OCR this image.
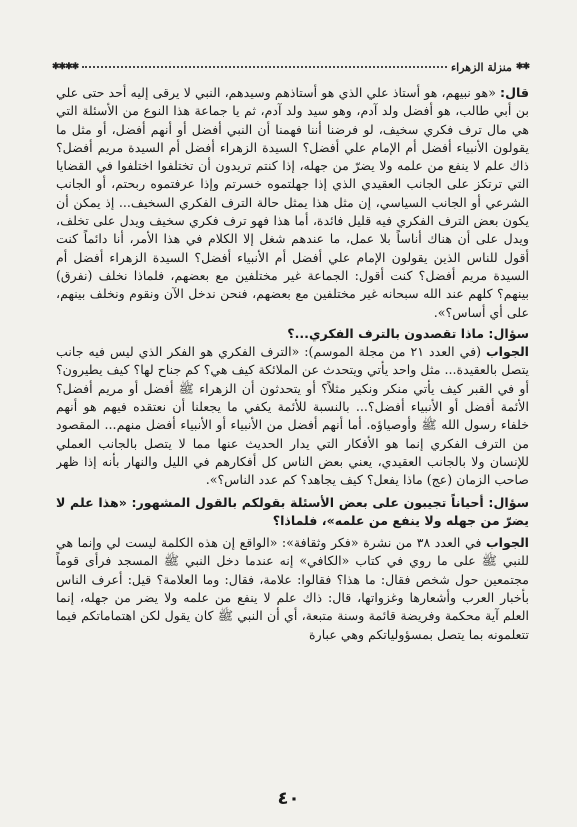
✱✱
منزلة الزهراء
✱✱✱✱

قال: «هو نبيهم، هو أستاذ علي الذي هو أستاذهم وسيدهم، النبي لا يرقى إليه أحد حتى علي بن أبي طالب، هو أفضل ولد آدم، وهو سيد ولد آدم، ثم يا جماعة هذا النوع من الأسئلة التي هي مال ترف فكري سخيف، لو فرضنا أننا فهمنا أن النبي أفضل أو أنهم أفضل، أو مثل ما يقولون الأنبياء أفضل أم الإمام علي أفضل؟ السيدة الزهراء أفضل أم السيدة مريم أفضل؟ ذاك علم لا ينفع من علمه ولا يضرّ من جهله، إذا كنتم تريدون أن تختلفوا اختلفوا في القضايا التي ترتكز على الجانب العقيدي الذي إذا جهلتموه خسرتم وإذا عرفتموه ربحتم، أو الجانب الشرعي أو الجانب السياسي، إن مثل هذا يمثل حالة الترف الفكري السخيف... إذ يمكن أن يكون بعض الترف الفكري فيه قليل فائدة، أما هذا فهو ترف فكري سخيف ويدل على تخلف، ويدل على أن هناك أناساً بلا عمل، ما عندهم شغل إلا الكلام في هذا الأمر، أنا دائماً كنت أقول للناس الذين يقولون الإمام علي أفضل أم الأنبياء أفضل؟ السيدة الزهراء أفضل أم السيدة مريم أفضل؟ كنت أقول: الجماعة غير مختلفين مع بعضهم، فلماذا نخلف (نفرق) بينهم؟ كلهم عند الله سبحانه غير مختلفين مع بعضهم، فنحن ندخل الآن ونقوم ونخلف بينهم، على أي أساس؟».

سؤال: ماذا تقصدون بالترف الفكري...؟

الجواب (في العدد ٢١ من مجلة الموسم): «الترف الفكري هو الفكر الذي ليس فيه جانب يتصل بالعقيدة... مثل واحد يأتي ويتحدث عن الملائكة كيف هي؟ كم جناح لها؟ كيف يطيرون؟ أو في القبر كيف يأتي منكر ونكير مثلاً؟ أو يتحدثون أن الزهراء ﷺ أفضل أو مريم أفضل؟ الأئمة أفضل أو الأنبياء أفضل؟... بالنسبة للأئمة يكفي ما يجعلنا أن نعتقده فيهم هو أنهم خلفاء رسول الله ﷺ وأوصياؤه. أما أنهم أفضل من الأنبياء أو الأنبياء أفضل منهم... المقصود من الترف الفكري إنما هو الأفكار التي يدار الحديث عنها مما لا يتصل بالجانب العملي للإنسان ولا بالجانب العقيدي، يعني بعض الناس كل أفكارهم في الليل والنهار بأنه إذا ظهر صاحب الزمان (عج) ماذا يفعل؟ كيف يجاهد؟ كم عدد الناس؟».

سؤال: أحياناً تجيبون على بعض الأسئلة بقولكم بالقول المشهور: «هذا علم لا يضرّ من جهله ولا ينفع من علمه»، فلماذا؟

الجواب في العدد ٣٨ من نشرة «فكر وثقافة»: «الواقع إن هذه الكلمة ليست لي وإنما هي للنبي ﷺ على ما روي في كتاب «الكافي» إنه عندما دخل النبي ﷺ المسجد فرأى قوماً مجتمعين حول شخص فقال: ما هذا؟ فقالوا: علامة، فقال: وما العلامة؟ قيل: أعرف الناس بأخبار العرب وأشعارها وغزواتها، قال: ذاك علم لا ينفع من علمه ولا يضر من جهله، إنما العلم آية محكمة وفريضة قائمة وسنة متبعة، أي أن النبي ﷺ كان يقول لكن اهتماماتكم فيما تتعلمونه بما يتصل بمسؤولياتكم وهي عبارة

٤٠
